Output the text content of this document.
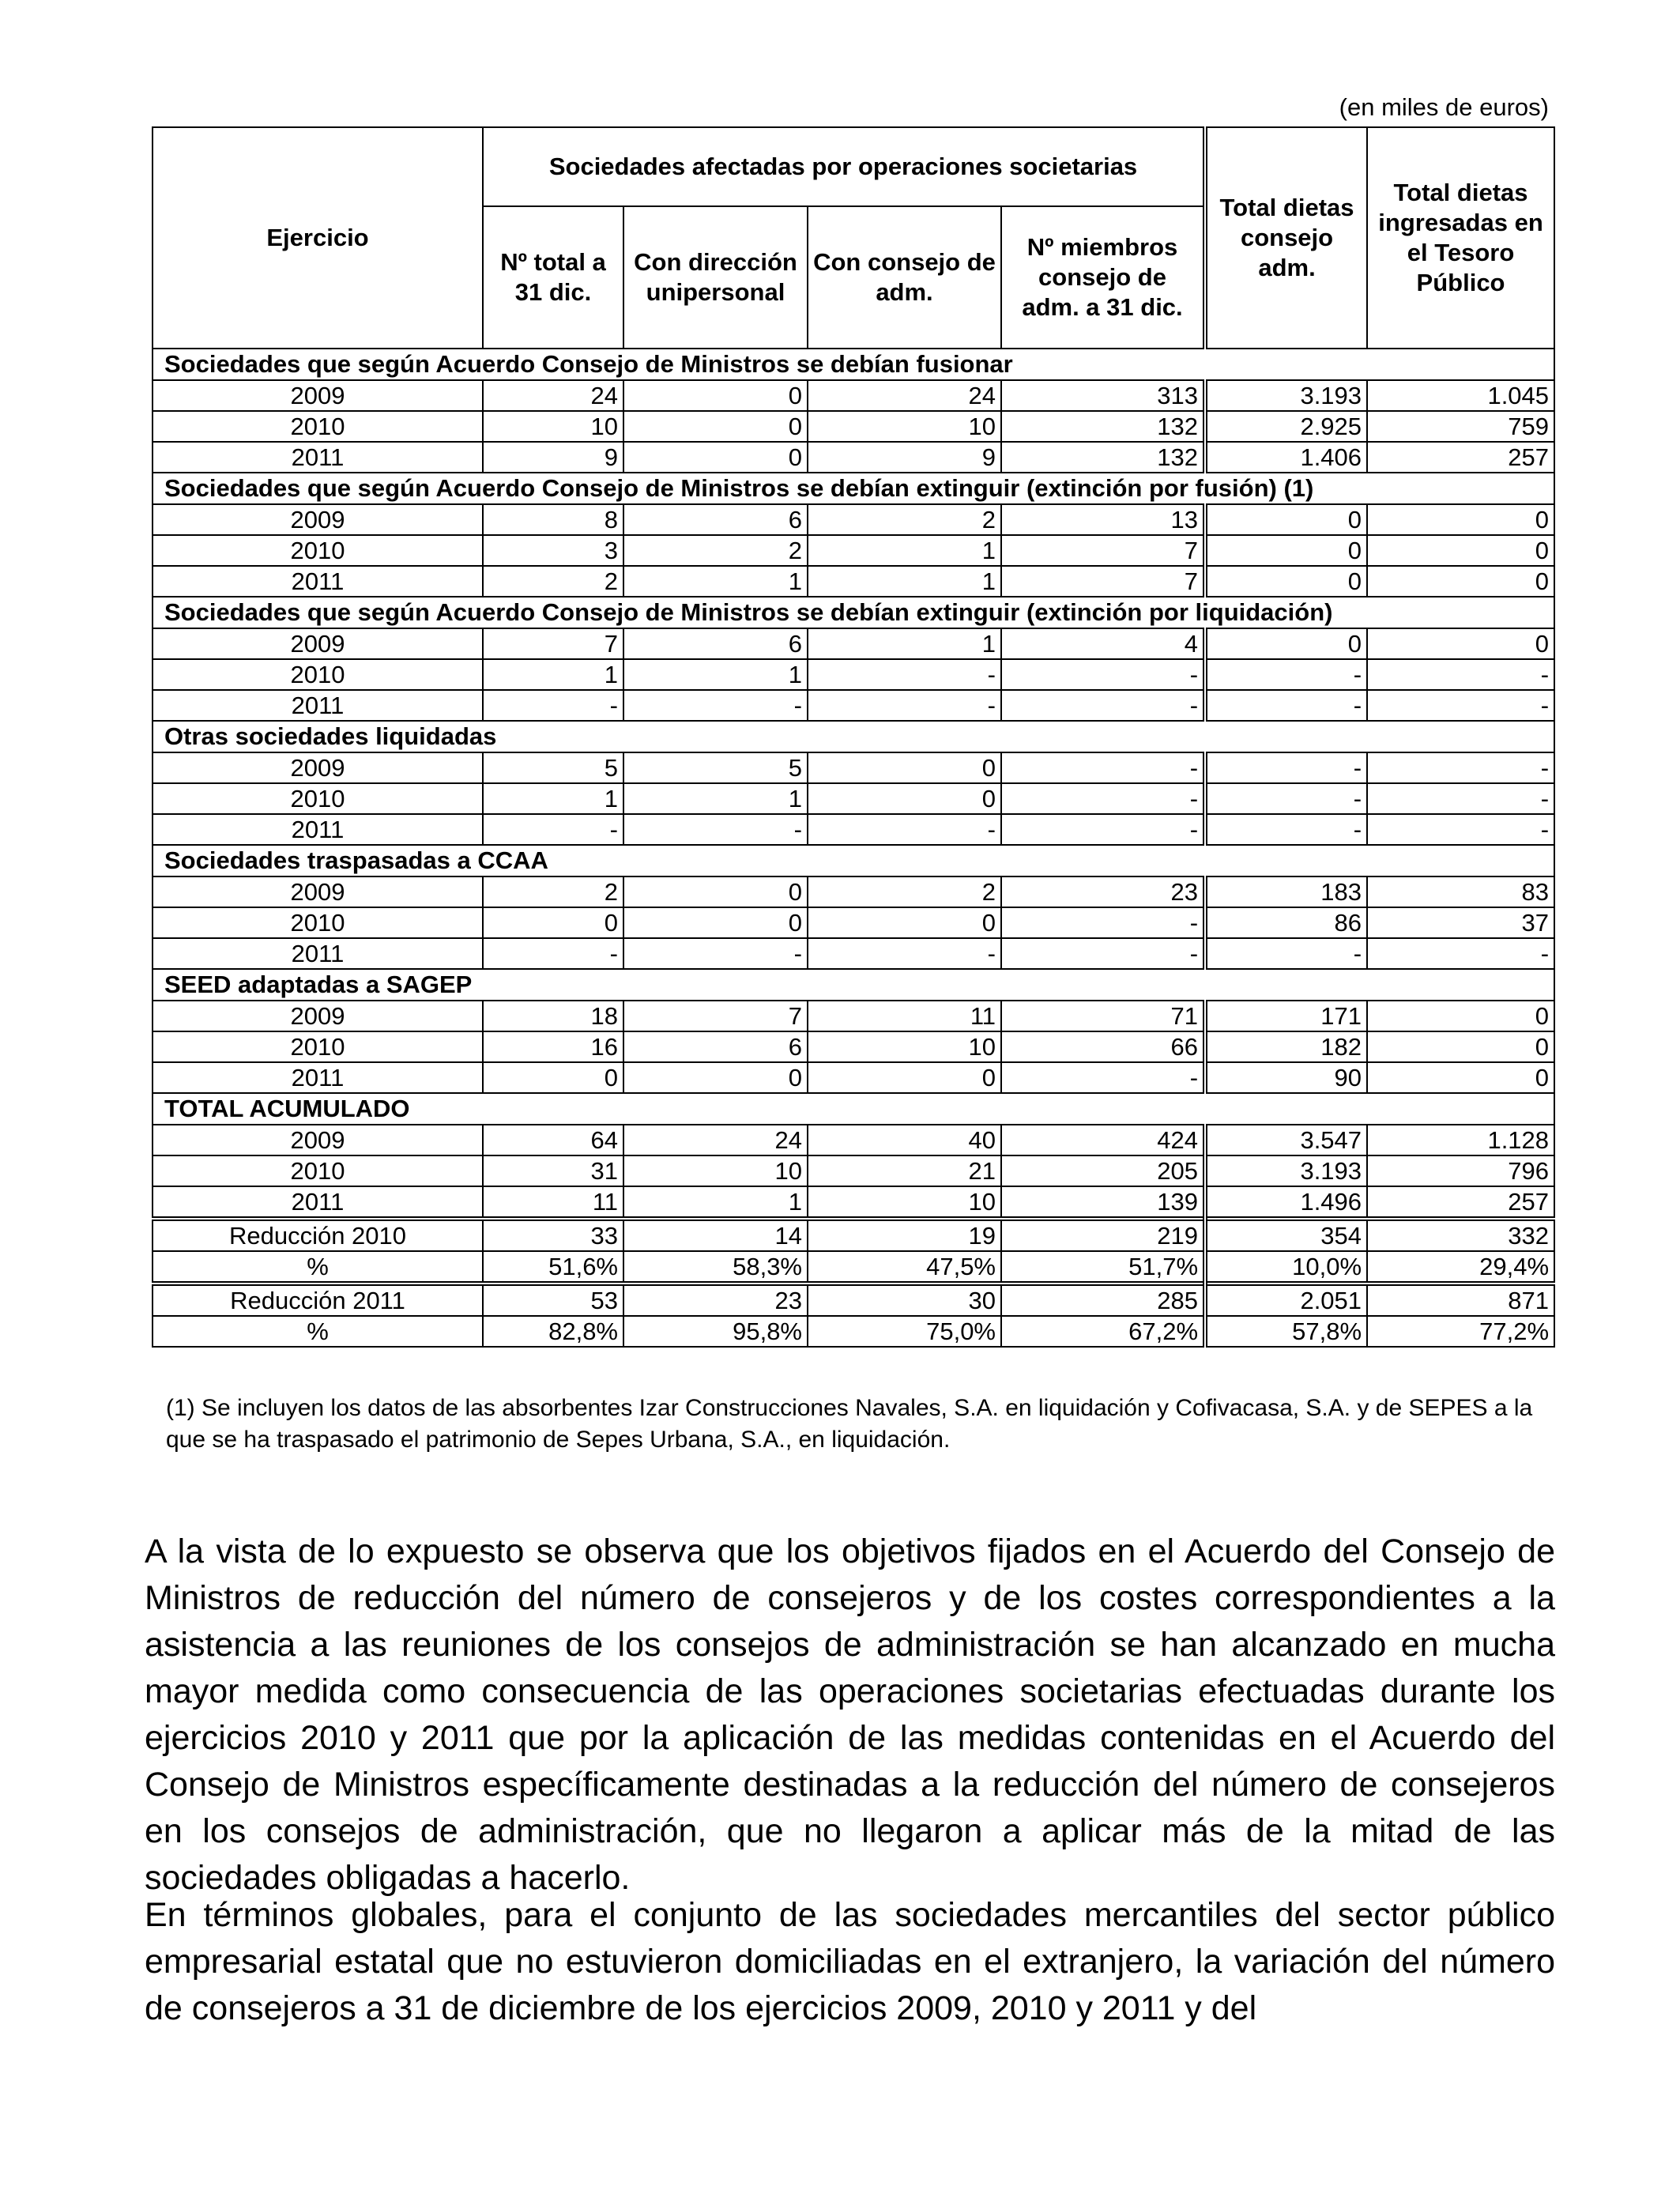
(en miles de euros)
Ejercicio	Sociedades afectadas por operaciones societarias				Total dietas consejo adm.	Total dietas ingresadas en el Tesoro Público
	Nº total a 31 dic.	Con dirección unipersonal	Con consejo de adm.	Nº miembros consejo de adm. a 31 dic.		
Sociedades que según Acuerdo Consejo de Ministros se debían fusionar						
2009	24	0	24	313	3.193	1.045
2010	10	0	10	132	2.925	759
2011	9	0	9	132	1.406	257
Sociedades que según Acuerdo Consejo de Ministros se debían extinguir (extinción por fusión) (1)						
2009	8	6	2	13	0	0
2010	3	2	1	7	0	0
2011	2	1	1	7	0	0
Sociedades que según Acuerdo Consejo de Ministros se debían extinguir (extinción por liquidación)						
2009	7	6	1	4	0	0
2010	1	1	-	-	-	-
2011	-	-	-	-	-	-
Otras sociedades liquidadas						
2009	5	5	0	-	-	-
2010	1	1	0	-	-	-
2011	-	-	-	-	-	-
Sociedades traspasadas a CCAA						
2009	2	0	2	23	183	83
2010	0	0	0	-	86	37
2011	-	-	-	-	-	-
SEED adaptadas a SAGEP						
2009	18	7	11	71	171	0
2010	16	6	10	66	182	0
2011	0	0	0	-	90	0
TOTAL ACUMULADO						
2009	64	24	40	424	3.547	1.128
2010	31	10	21	205	3.193	796
2011	11	1	10	139	1.496	257
Reducción 2010	33	14	19	219	354	332
%	51,6%	58,3%	47,5%	51,7%	10,0%	29,4%
Reducción 2011	53	23	30	285	2.051	871
%	82,8%	95,8%	75,0%	67,2%	57,8%	77,2%
(1) Se incluyen los datos de las absorbentes Izar Construcciones Navales, S.A. en liquidación y Cofivacasa, S.A. y de SEPES a la que se ha traspasado el patrimonio de Sepes Urbana, S.A., en liquidación.

A la vista de lo expuesto se observa que los objetivos fijados en el Acuerdo del Consejo de Ministros de reducción del número de consejeros y de los costes correspondientes a la asistencia a las reuniones de los consejos de administración se han alcanzado en mucha mayor medida como consecuencia de las operaciones societarias efectuadas durante los ejercicios 2010 y 2011 que por la aplicación de las medidas contenidas en el Acuerdo del Consejo de Ministros específicamente destinadas a la reducción del número de consejeros en los consejos de administración, que no llegaron a aplicar más de la mitad de las sociedades obligadas a hacerlo.

En términos globales, para el conjunto de las sociedades mercantiles del sector público empresarial estatal que no estuvieron domiciliadas en el extranjero, la variación del número de consejeros a 31 de diciembre de los ejercicios 2009, 2010 y 2011 y del
